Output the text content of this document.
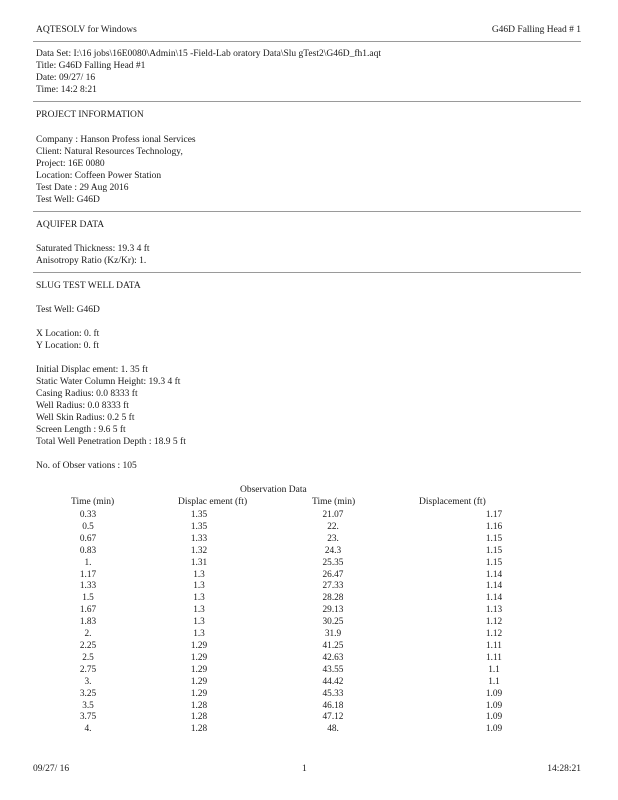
AQTESOLV for Windows	G46D Falling Head # 1
Data Set: I:\16 jobs\16E0080\Admin\15 -Field-Lab oratory Data\Slu gTest2\G46D_fh1.aqt
Title: G46D Falling Head #1
Date: 09/27/ 16
Time: 14:2 8:21
PROJECT INFORMATION
Company : Hanson Profess ional Services
Client: Natural Resources Technology,
Project: 16E 0080
Location: Coffeen Power Station
Test Date : 29 Aug 2016
Test Well: G46D
AQUIFER DATA
Saturated Thickness: 19.3 4 ft
Anisotropy Ratio (Kz/Kr): 1.
SLUG TEST WELL DATA
Test Well: G46D
X Location: 0. ft
Y Location: 0. ft
Initial Displac ement: 1. 35 ft
Static Water Column Height: 19.3 4 ft
Casing Radius: 0.0 8333 ft
Well Radius: 0.0 8333 ft
Well Skin Radius: 0.2 5 ft
Screen Length : 9.6 5 ft
Total Well Penetration Depth : 18.9 5 ft
No. of Obser vations : 105
Observation Data
Time (min)	Displac ement (ft)	Time (min)	Displacement (ft)
0.33	1.35	21.07	1.17
0.5	1.35	22.	1.16
0.67	1.33	23.	1.15
0.83	1.32	24.3	1.15
1.	1.31	25.35	1.15
1.17	1.3	26.47	1.14
1.33	1.3	27.33	1.14
1.5	1.3	28.28	1.14
1.67	1.3	29.13	1.13
1.83	1.3	30.25	1.12
2.	1.3	31.9	1.12
2.25	1.29	41.25	1.11
2.5	1.29	42.63	1.11
2.75	1.29	43.55	1.1
3.	1.29	44.42	1.1
3.25	1.29	45.33	1.09
3.5	1.28	46.18	1.09
3.75	1.28	47.12	1.09
4.	1.28	48.	1.09
09/27/ 16	1	14:28:21
